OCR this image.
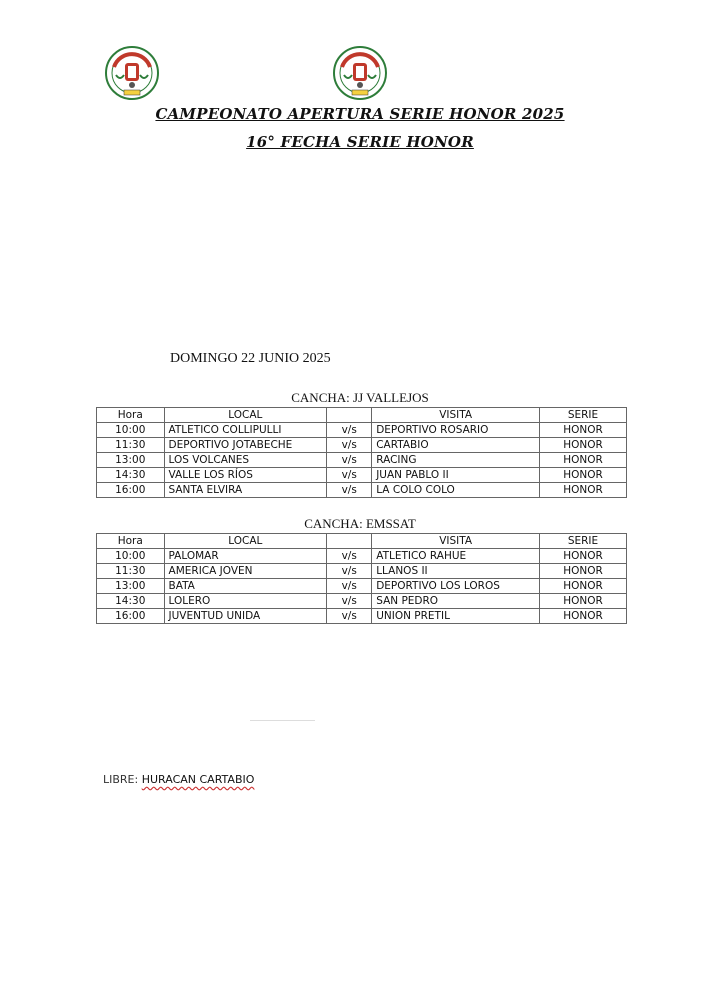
CAMPEONATO APERTURA SERIE HONOR 2025
16° FECHA SERIE HONOR
DOMINGO 22 JUNIO 2025
CANCHA: JJ VALLEJOS
Hora	LOCAL		VISITA	SERIE
10:00	ATLETICO COLLIPULLI	v/s	DEPORTIVO ROSARIO	HONOR
11:30	DEPORTIVO JOTABECHE	v/s	CARTABIO	HONOR
13:00	LOS VOLCANES	v/s	RACING	HONOR
14:30	VALLE LOS RÍOS	v/s	JUAN PABLO II	HONOR
16:00	SANTA ELVIRA	v/s	LA COLO COLO	HONOR
CANCHA: EMSSAT
Hora	LOCAL		VISITA	SERIE
10:00	PALOMAR	v/s	ATLETICO RAHUE	HONOR
11:30	AMERICA JOVEN	v/s	LLANOS II	HONOR
13:00	BATA	v/s	DEPORTIVO LOS LOROS	HONOR
14:30	LOLERO	v/s	SAN PEDRO	HONOR
16:00	JUVENTUD UNIDA	v/s	UNION PRETIL	HONOR
LIBRE: HURACAN CARTABIO
